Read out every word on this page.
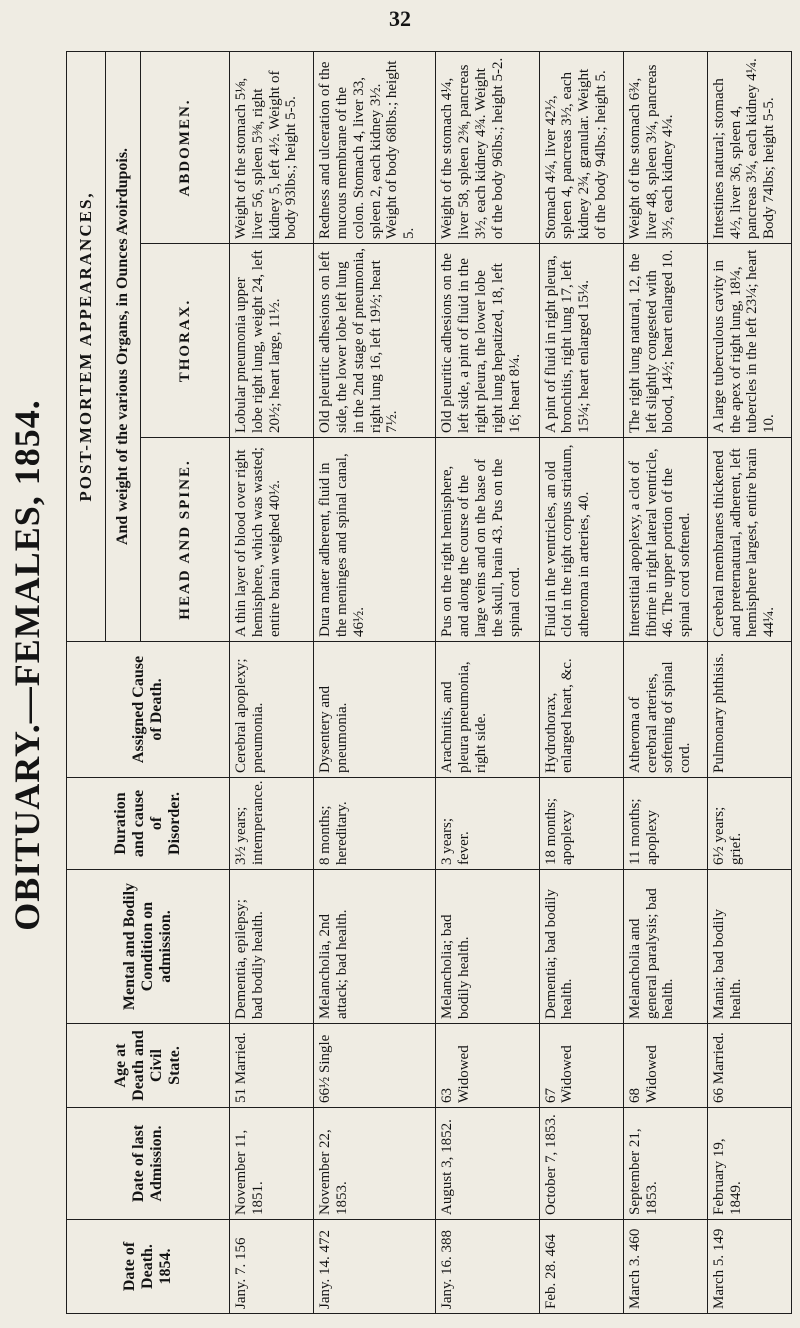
32
OBITUARY.—FEMALES, 1854.
Date of Death. 1854.	Date of last Admission.	Age at Death and Civil State.	Mental and Bodily Condition on admission.	Duration and cause of Disorder.	Assigned Cause of Death.	POST-MORTEM APPEARANCES,		
						And weight of the various Organs, in Ounces Avoirdupois.		
						HEAD AND SPINE.	THORAX.	ABDOMEN.
Jany. 7. 156	November 11, 1851.	51 Married.	Dementia, epilepsy; bad bodily health.	3½ years; intemperance.	Cerebral apoplexy; pneumonia.	A thin layer of blood over right hemisphere, which was wasted; entire brain weighed 40½.	Lobular pneumonia upper lobe right lung, weight 24, left 20½; heart large, 11½.	Weight of the stomach 5⅛, liver 56, spleen 5⅜, right kidney 5, left 4½. Weight of body 93lbs.; height 5-5.
Jany. 14. 472	November 22, 1853.	66½ Single	Melancholia, 2nd attack; bad health.	8 months; hereditary.	Dysentery and pneumonia.	Dura mater adherent, fluid in the meninges and spinal canal, 46½.	Old pleuritic adhesions on left side, the lower lobe left lung in the 2nd stage of pneumonia, right lung 16, left 19½; heart 7½.	Redness and ulceration of the mucous membrane of the colon. Stomach 4, liver 33, spleen 2, each kidney 3½. Weight of body 68lbs.; height 5.
Jany. 16. 388	August 3, 1852.	63 Widowed	Melancholia; bad bodily health.	3 years; fever.	Arachnitis, and pleura pneumonia, right side.	Pus on the right hemisphere, and along the course of the large veins and on the base of the skull, brain 43. Pus on the spinal cord.	Old pleuritic adhesions on the left side, a pint of fluid in the right pleura, the lower lobe right lung hepatized, 18, left 16; heart 8¼.	Weight of the stomach 4¼, liver 58, spleen 2⅜, pancreas 3½, each kidney 4¾. Weight of the body 96lbs.; height 5-2.
Feb. 28. 464	October 7, 1853.	67 Widowed	Dementia; bad bodily health.	18 months; apoplexy	Hydrothorax, enlarged heart, &c.	Fluid in the ventricles, an old clot in the right corpus striatum, atheroma in arteries, 40.	A pint of fluid in right pleura, bronchitis, right lung 17, left 15¼; heart enlarged 15¼.	Stomach 4¼, liver 42½, spleen 4, pancreas 3½, each kidney 2¾, granular. Weight of the body 94lbs.; height 5.
March 3. 460	September 21, 1853.	68 Widowed	Melancholia and general paralysis; bad health.	11 months; apoplexy	Atheroma of cerebral arteries, softening of spinal cord.	Interstitial apoplexy, a clot of fibrine in right lateral ventricle, 46. The upper portion of the spinal cord softened.	The right lung natural, 12, the left slightly congested with blood, 14½; heart enlarged 10.	Weight of the stomach 6¾, liver 48, spleen 3¼, pancreas 3½, each kidney 4¼.
March 5. 149	February 19, 1849.	66 Married.	Mania; bad bodily health.	6½ years; grief.	Pulmonary phthisis.	Cerebral membranes thickened and preternatural, adherent, left hemisphere largest, entire brain 44¼.	A large tuberculous cavity in the apex of right lung, 18¼, tubercles in the left 23¼; heart 10.	Intestines natural; stomach 4½, liver 36, spleen 4, pancreas 3¼, each kidney 4¼. Body 74lbs; height 5-5.
